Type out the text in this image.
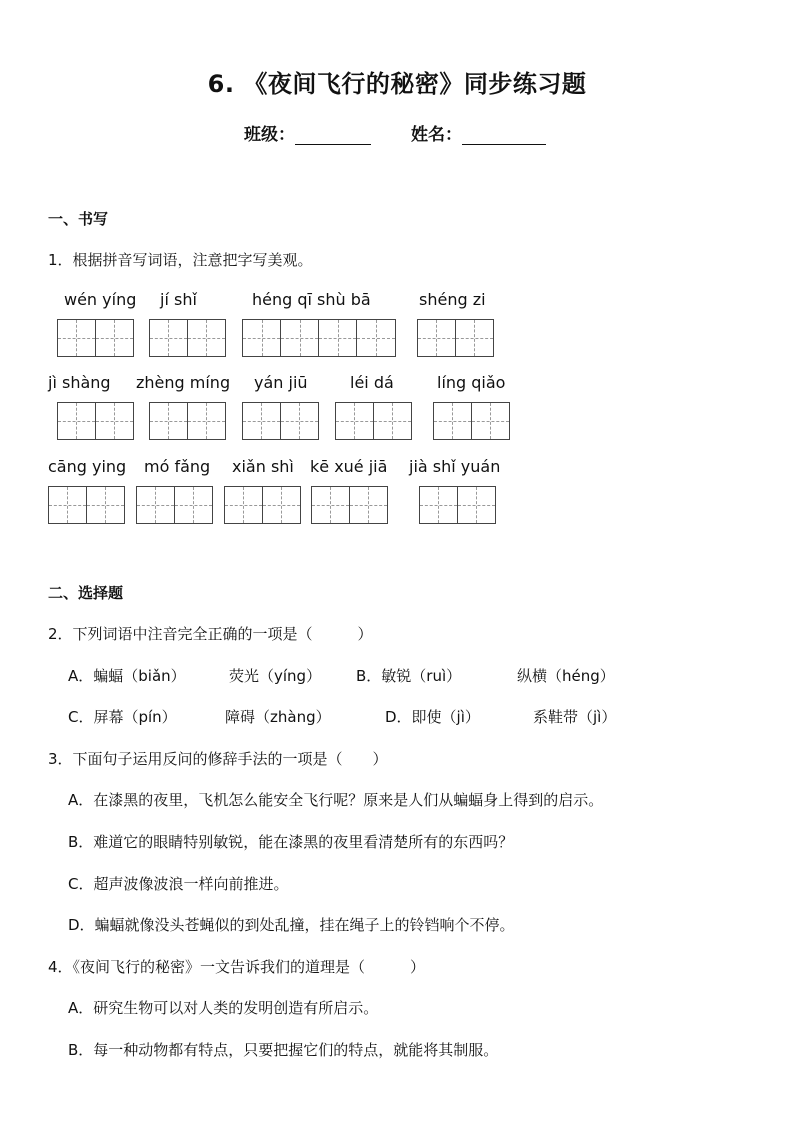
6. 《夜间飞行的秘密》同步练习题
班级：	姓名：
一、书写
1．根据拼音写词语，注意把字写美观。
wén yíng jí shǐ	héng qī shù bā	shéng zi
jì shàng zhèng míng yán jiū	léi dá	líng qiǎo
cāng ying mó fǎng xiǎn shì kē xué jiā jià shǐ yuán
二、选择题
2．下列词语中注音完全正确的一项是（　　　）
A．蝙蝠（biǎn）	荧光（yíng） B．敏锐（ruì）	纵横（héng）
C．屏幕（pín）	障碍（zhàng）	D．即使（jì）	系鞋带（jì）
3．下面句子运用反问的修辞手法的一项是（　　）
A．在漆黑的夜里，飞机怎么能安全飞行呢？原来是人们从蝙蝠身上得到的启示。
B．难道它的眼睛特别敏锐，能在漆黑的夜里看清楚所有的东西吗？
C．超声波像波浪一样向前推进。
D．蝙蝠就像没头苍蝇似的到处乱撞，挂在绳子上的铃铛响个不停。
4．《夜间飞行的秘密》一文告诉我们的道理是（　　　）
A．研究生物可以对人类的发明创造有所启示。
B．每一种动物都有特点，只要把握它们的特点，就能将其制服。
